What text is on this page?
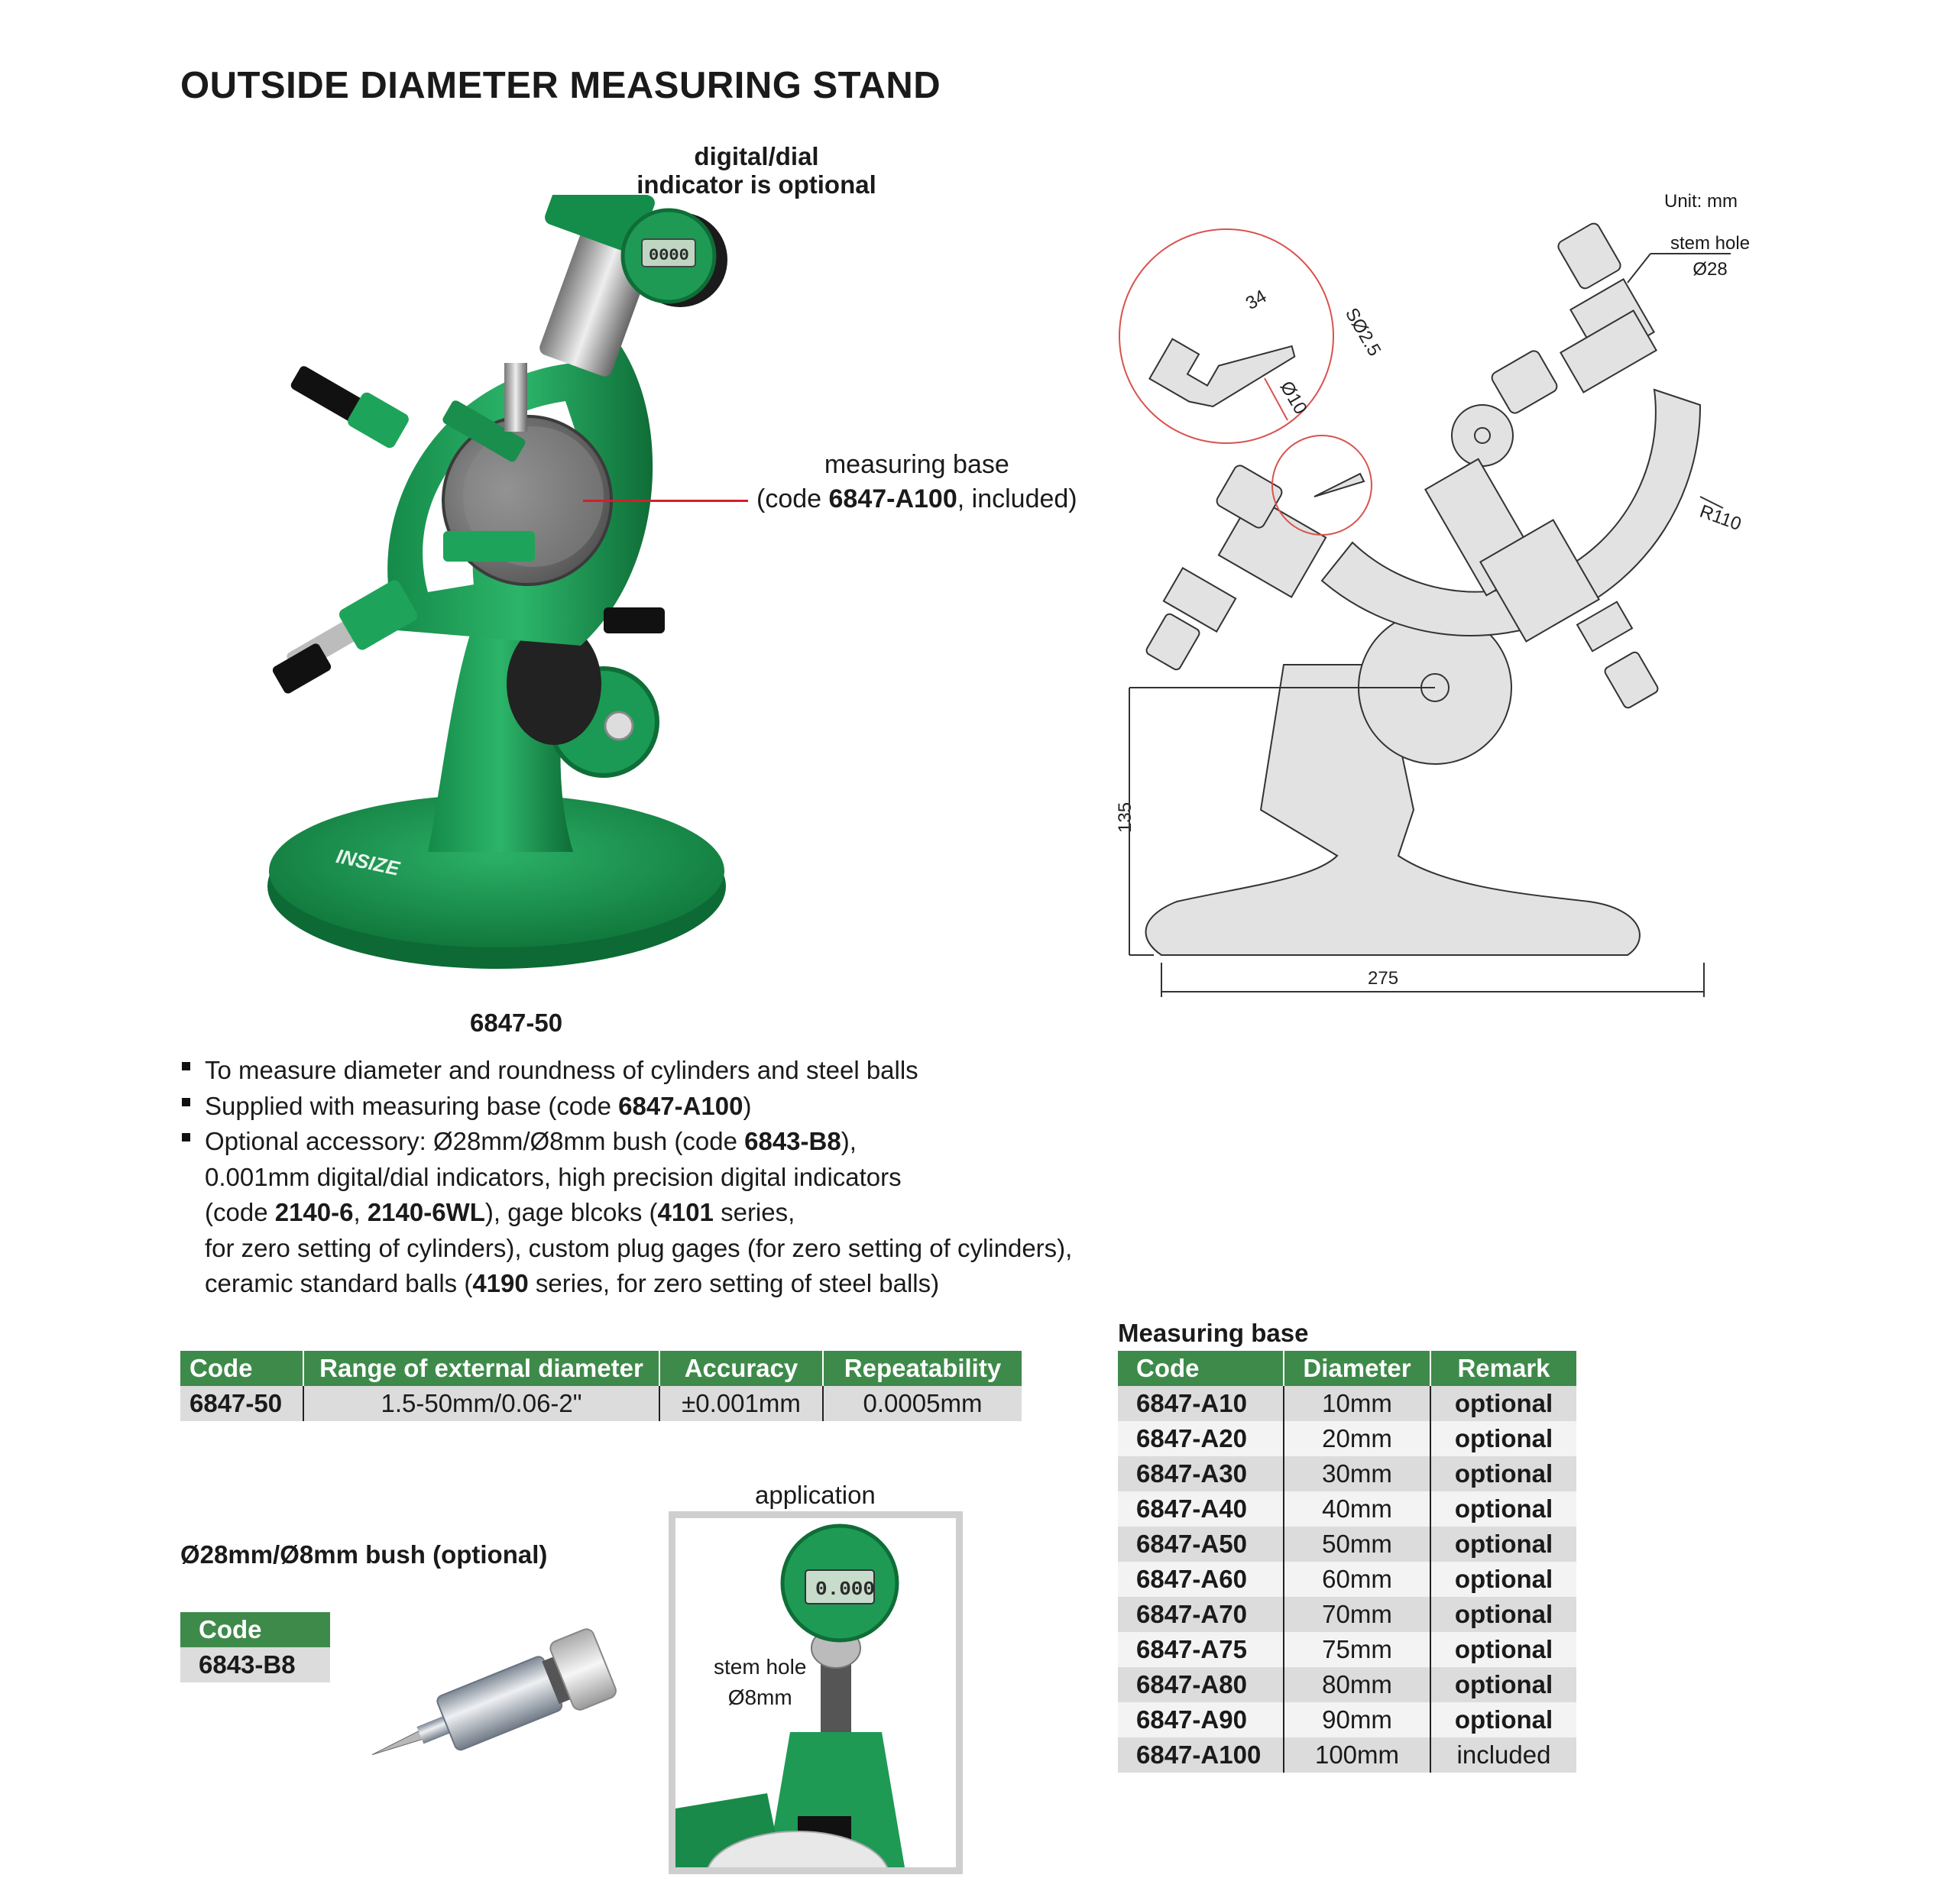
OUTSIDE DIAMETER MEASURING STAND
digital/dial
indicator is optional
INSIZE
0000
measuring base
(code 6847-A100, included)
6847-50
To measure diameter and roundness of cylinders and steel balls
Supplied with measuring base (code 6847-A100)
Optional accessory: Ø28mm/Ø8mm bush (code 6843-B8),
0.001mm digital/dial indicators, high precision digital indicators
(code 2140-6, 2140-6WL), gage blcoks (4101 series,
for zero setting of cylinders), custom plug gages (for zero setting of cylinders),
ceramic standard balls (4190 series, for zero setting of steel balls)
Code	Range of external diameter	Accuracy	Repeatability
6847-50	1.5-50mm/0.06-2"	±0.001mm	0.0005mm
Measuring base
Code	Diameter	Remark
6847-A10	10mm	optional
6847-A20	20mm	optional
6847-A30	30mm	optional
6847-A40	40mm	optional
6847-A50	50mm	optional
6847-A60	60mm	optional
6847-A70	70mm	optional
6847-A75	75mm	optional
6847-A80	80mm	optional
6847-A90	90mm	optional
6847-A100	100mm	included
Ø28mm/Ø8mm bush (optional)
Code
6843-B8
application
0.000
stem hole
Ø8mm
34
SØ2.5
Ø10
R110
135
275
Unit: mm
stem hole
Ø28
